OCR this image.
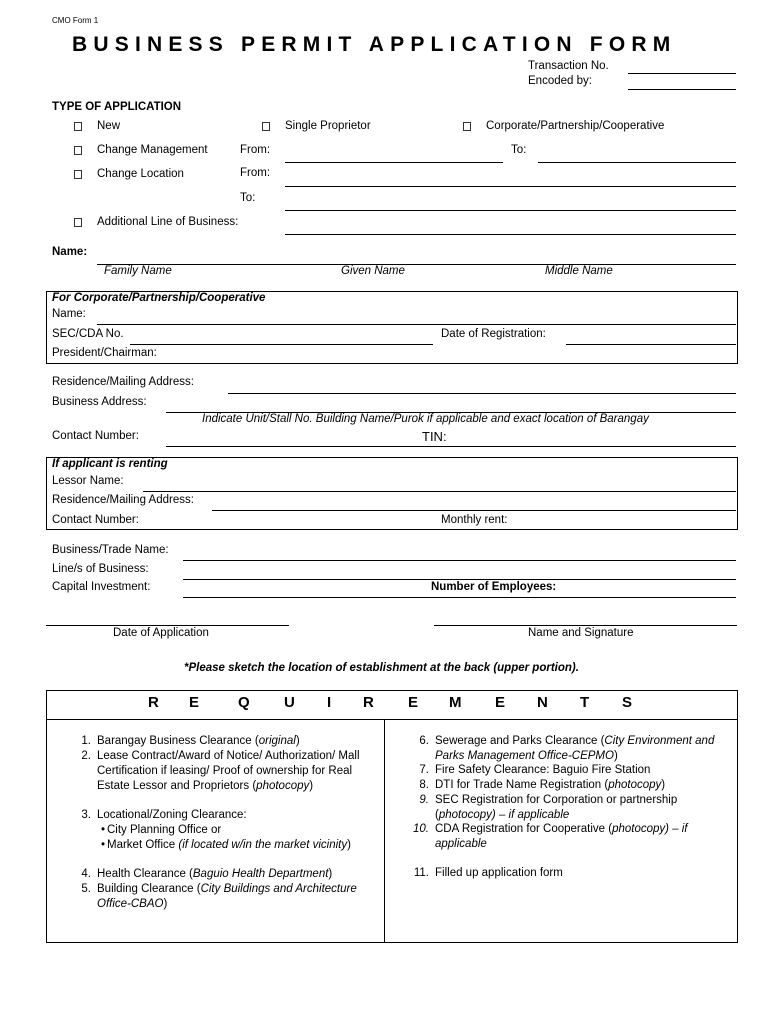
CMO Form 1
BUSINESS PERMIT APPLICATION FORM
Transaction No.
Encoded by:
TYPE OF APPLICATION
New	Single Proprietor	Corporate/Partnership/Cooperative
Change Management	From:	To:
Change Location	From:
To:
Additional Line of Business:
Name:
Family Name	Given Name	Middle Name
For Corporate/Partnership/Cooperative
Name:
SEC/CDA No.	Date of Registration:
President/Chairman:
Residence/Mailing Address:
Business Address:
Indicate Unit/Stall No. Building Name/Purok if applicable and exact location of Barangay
Contact Number:	TIN:
If applicant is renting
Lessor Name:
Residence/Mailing Address:
Contact Number:	Monthly rent:
Business/Trade Name:
Line/s of Business:
Capital Investment:	Number of Employees:
Date of Application	Name and Signature
*Please sketch the location of establishment at the back (upper portion).
R E	Q U I R E M E N T S
1. Barangay Business Clearance (original)
2. Lease Contract/Award of Notice/ Authorization/ Mall Certification if leasing/ Proof of ownership for Real Estate Lessor and Proprietors (photocopy)
3. Locational/Zoning Clearance:
• City Planning Office or
• Market Office (if located w/in the market vicinity)
4. Health Clearance (Baguio Health Department)
5. Building Clearance (City Buildings and Architecture Office-CBAO)
6. Sewerage and Parks Clearance (City Environment and Parks Management Office-CEPMO)
7. Fire Safety Clearance: Baguio Fire Station
8. DTI for Trade Name Registration (photocopy)
9. SEC Registration for Corporation or partnership (photocopy) – if applicable
10. CDA Registration for Cooperative (photocopy) – if applicable
11. Filled up application form
